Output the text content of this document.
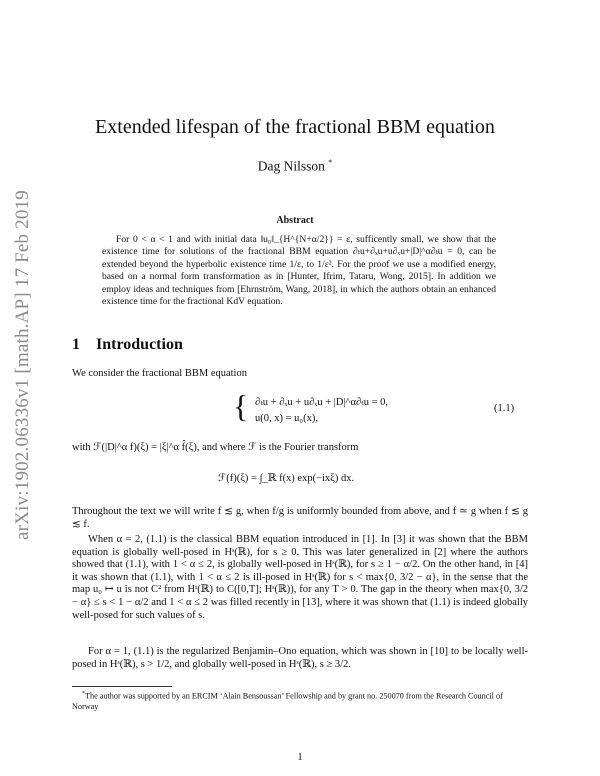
arXiv:1902.06336v1 [math.AP] 17 Feb 2019
Extended lifespan of the fractional BBM equation
Dag Nilsson *
Abstract
For 0 < α < 1 and with initial data ‖u₀‖_{H^{N+α/2}} = ε, sufficently small, we show that the existence time for solutions of the fractional BBM equation ∂ₜu+∂ₓu+u∂ₓu+|D|^α∂ₜu = 0, can be extended beyond the hyperbolic existence time 1/ε, to 1/ε². For the proof we use a modified energy, based on a normal form transformation as in [Hunter, Ifrim, Tataru, Wong, 2015]. In addition we employ ideas and techniques from [Ehrnström, Wang, 2018], in which the authors obtain an enhanced existence time for the fractional KdV equation.
1 Introduction
We consider the fractional BBM equation
{ ∂ₜu + ∂ₓu + u∂ₓu + |D|^α∂ₜu = 0,
u(0, x) = u₀(x),
(1.1)
with ℱ(|D|^α f)(ξ) = |ξ|^α f̂(ξ), and where ℱ is the Fourier transform
ℱ(f)(ξ) = ∫_ℝ f(x) exp(−ixξ) dx.
Throughout the text we will write f ≲ g, when f/g is uniformly bounded from above, and f ≃ g when f ≲ g ≲ f.
When α = 2, (1.1) is the classical BBM equation introduced in [1]. In [3] it was shown that the BBM equation is globally well-posed in Hˢ(ℝ), for s ≥ 0. This was later generalized in [2] where the authors showed that (1.1), with 1 < α ≤ 2, is globally well-posed in Hˢ(ℝ), for s ≥ 1 − α/2. On the other hand, in [4] it was shown that (1.1), with 1 < α ≤ 2 is ill-posed in Hˢ(ℝ) for s < max{0, 3/2 − α}, in the sense that the map u₀ ↦ u is not C² from Hˢ(ℝ) to C([0,T]; Hˢ(ℝ)), for any T > 0. The gap in the theory when max{0, 3/2 − α} ≤ s < 1 − α/2 and 1 < α ≤ 2 was filled recently in [13], where it was shown that (1.1) is indeed globally well-posed for such values of s.
For α = 1, (1.1) is the regularized Benjamin–Ono equation, which was shown in [10] to be locally well-posed in Hˢ(ℝ), s > 1/2, and globally well-posed in Hˢ(ℝ), s ≥ 3/2.
*The author was supported by an ERCIM ‘Alain Bensoussan’ Fellowship and by grant no. 250070 from the Research Council of Norway
1
